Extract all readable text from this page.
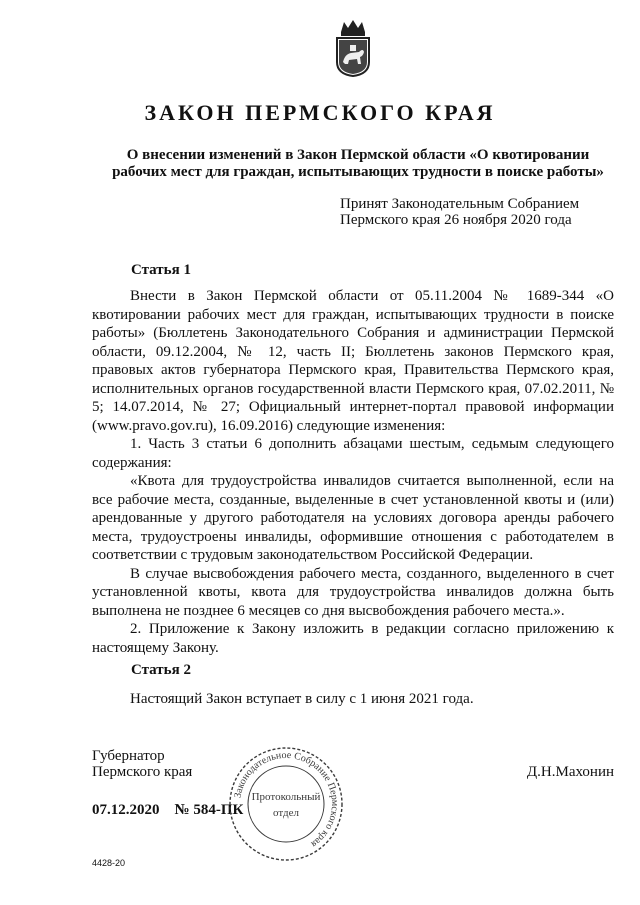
ЗАКОН ПЕРМСКОГО КРАЯ
О внесении изменений в Закон Пермской области «О квотировании
рабочих мест для граждан, испытывающих трудности в поиске работы»
Принят Законодательным Собранием
Пермского края 26 ноября 2020 года
Статья 1

Внести в Закон Пермской области от 05.11.2004 № 1689-344 «О квотировании рабочих мест для граждан, испытывающих трудности в поиске работы» (Бюллетень Законодательного Собрания и администрации Пермской области, 09.12.2004, № 12, часть II; Бюллетень законов Пермского края, правовых актов губернатора Пермского края, Правительства Пермского края, исполнительных органов государственной власти Пермского края, 07.02.2011, № 5; 14.07.2014, № 27; Официальный интернет-портал правовой информации (www.pravo.gov.ru), 16.09.2016) следующие изменения:

1. Часть 3 статьи 6 дополнить абзацами шестым, седьмым следующего содержания:

«Квота для трудоустройства инвалидов считается выполненной, если на все рабочие места, созданные, выделенные в счет установленной квоты и (или) арендованные у другого работодателя на условиях договора аренды рабочего места, трудоустроены инвалиды, оформившие отношения с работодателем в соответствии с трудовым законодательством Российской Федерации.

В случае высвобождения рабочего места, созданного, выделенного в счет установленной квоты, квота для трудоустройства инвалидов должна быть выполнена не позднее 6 месяцев со дня высвобождения рабочего места.».

2. Приложение к Закону изложить в редакции согласно приложению к настоящему Закону.

Статья 2

Настоящий Закон вступает в силу с 1 июня 2021 года.

Губернатор
Пермского края	Д.Н.Махонин
07.12.2020 № 584-ПК
4428-20
Законодательное Собрание Пермского края
Протокольный
отдел
